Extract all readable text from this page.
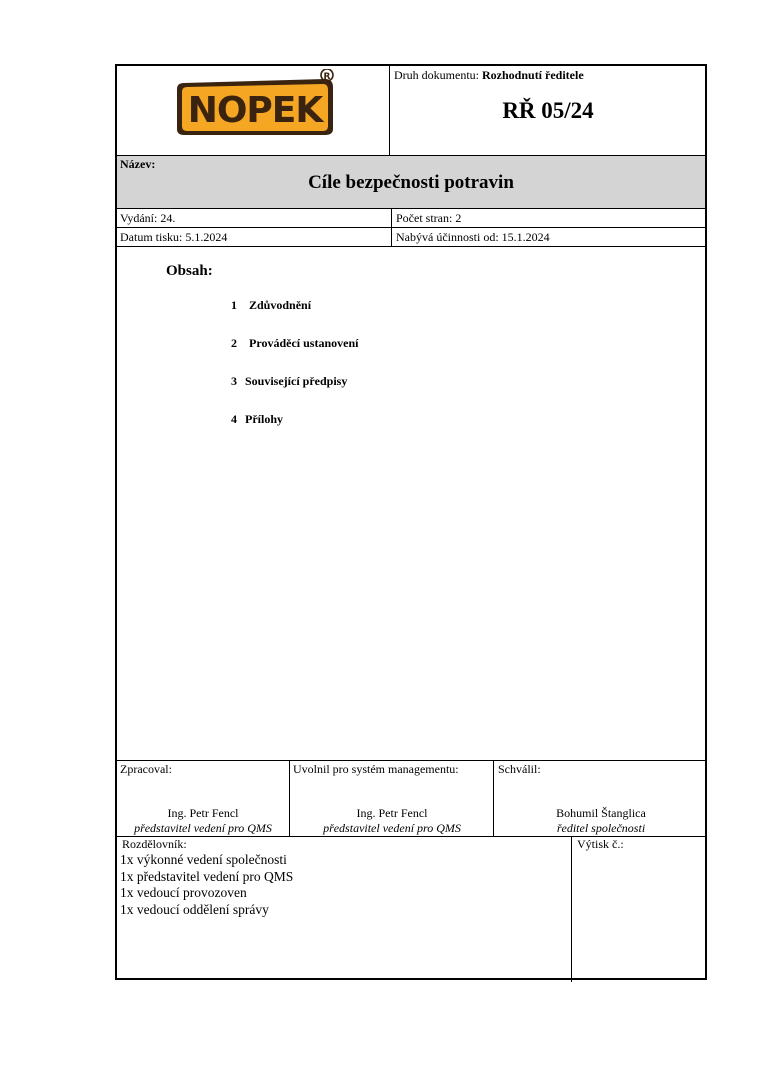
NOPEK
R	Druh dokumentu: Rozhodnutí ředitele
RŘ 05/24
Název:
Cíle bezpečnosti potravin
Vydání: 24.	Počet stran: 2
Datum tisku: 5.1.2024	Nabývá účinnosti od: 15.1.2024
Obsah:
1 Zdůvodnění
2 Prováděcí ustanovení
3 Související předpisy
4 Přílohy
Zpracoval:
Ing. Petr Fencl
představitel vedení pro QMS
Uvolnil pro systém managementu:
Ing. Petr Fencl
představitel vedení pro QMS
Schválil:
Bohumil Štanglica
ředitel společnosti
Rozdělovník:
1x výkonné vedení společnosti
1x představitel vedení pro QMS
1x vedoucí provozoven
1x vedoucí oddělení správy
Výtisk č.:
